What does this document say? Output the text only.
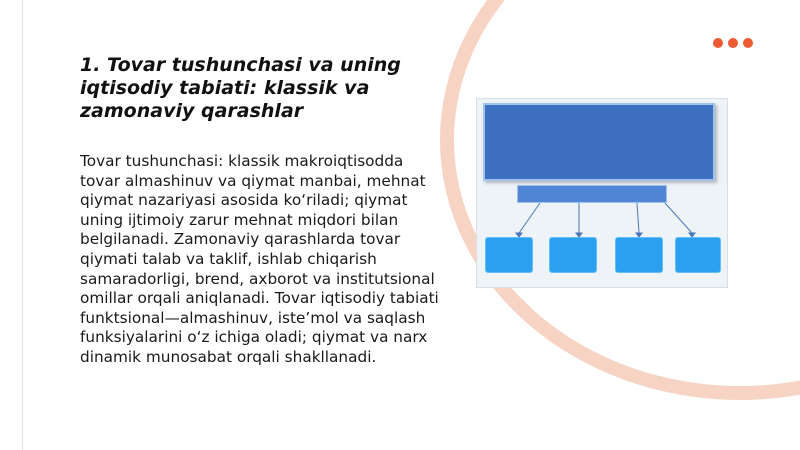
1. Tovar tushunchasi va uning iqtisodiy tabiati: klassik va zamonaviy qarashlar
Tovar tushunchasi: klassik makroiqtisodda tovar almashinuv va qiymat manbai, mehnat qiymat nazariyasi asosida ko‘riladi; qiymat uning ijtimoiy zarur mehnat miqdori bilan belgilanadi. Zamonaviy qarashlarda tovar qiymati talab va taklif, ishlab chiqarish samaradorligi, brend, axborot va institutsional omillar orqali aniqlanadi. Tovar iqtisodiy tabiati funktsional—almashinuv, iste’mol va saqlash funksiyalarini o‘z ichiga oladi; qiymat va narx dinamik munosabat orqali shakllanadi.
